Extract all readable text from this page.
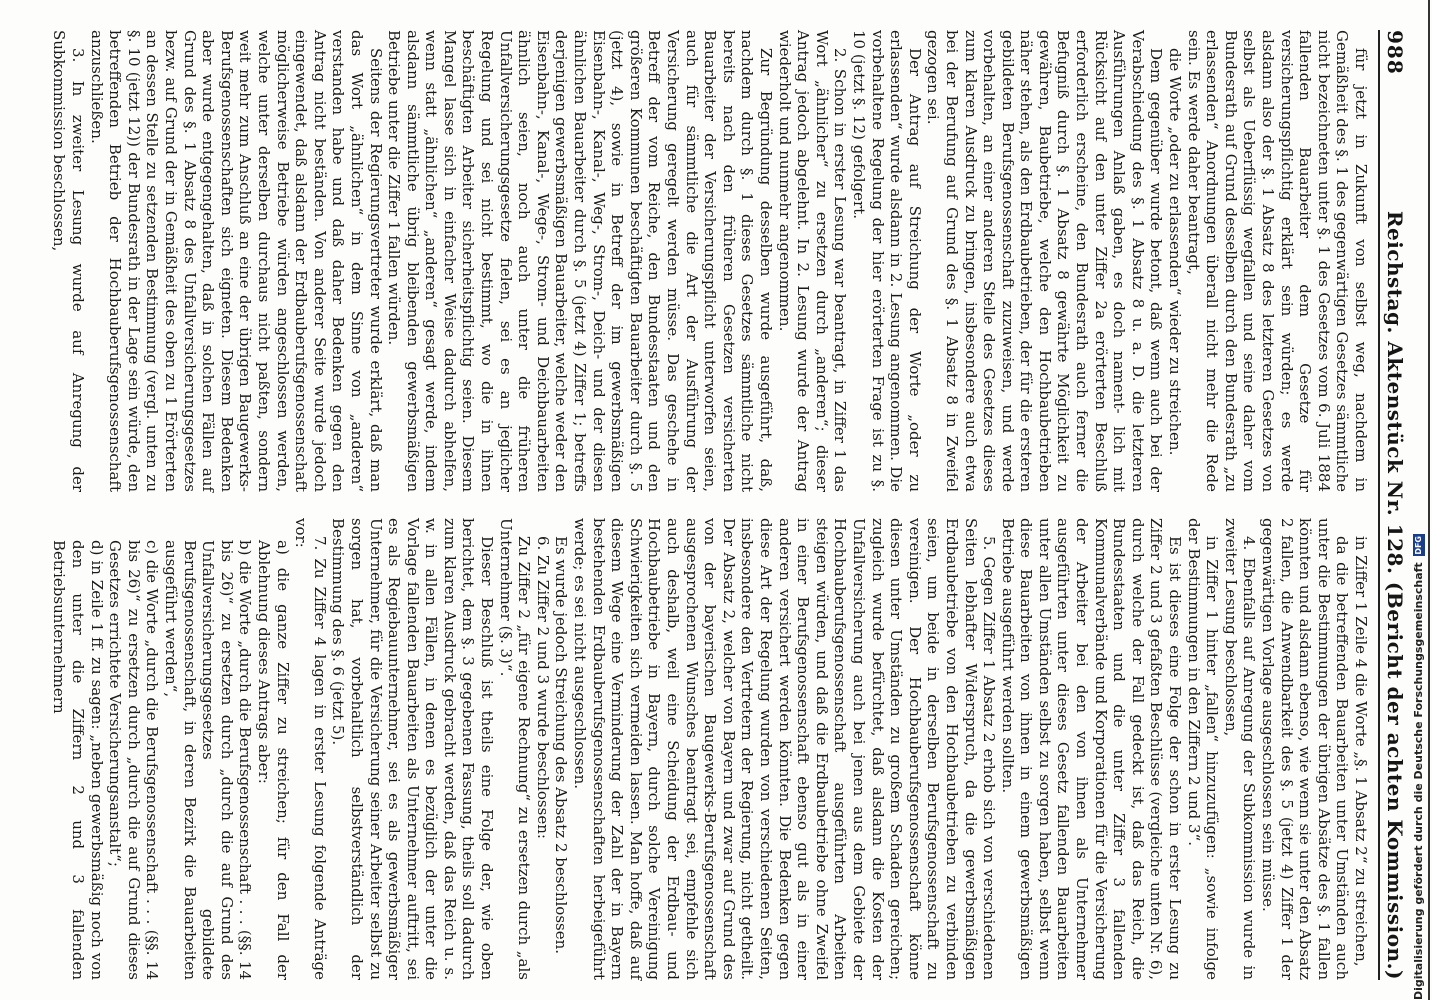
988
Reichstag. Aktenstück Nr. 128. (Bericht der achten Kommission.)

für jetzt in Zukunft von selbst weg, nachdem in Gemäßheit des §. 1 des gegenwärtigen Gesetzes sämmtliche nicht bezeichneten unter §. 1 des Gesetzes vom 6. Juli 1884 fallenden Bauarbeiter dem Gesetze für versicherungspflichtig erklärt sein würden; es werde alsdann also der §. 1 Absatz 8 des letzteren Gesetzes von selbst als Ueberflüssig wegfallen und seine daher vom Bundesrath auf Grund desselben durch den Bundesrath „zu erlassenden“ Anordnungen überall nicht mehr die Rede sein. Es werde daher beantragt,

die Worte „oder zu erlassenden“ wieder zu streichen.

Dem gegenüber wurde betont, daß wenn auch bei der Verabschiedung des §. 1 Absatz 8 u. a. D. die letzteren Ausführungen Anlaß gaben, es doch nament- lich mit Rücksicht auf den unter Ziffer 2a erörterten Beschluß erforderlich erscheine, den Bundesrath auch ferner die Befugniß durch §. 1 Absatz 8 gewährte Möglichkeit zu gewähren, Baubetriebe, welche den Hochbaubetrieben näher stehen, als den Erdbaubetrieben, der für die ersteren gebildeten Berufsgenossenschaft zuzuweisen, und werde vorbehalten, an einer anderen Stelle des Gesetzes dieses zum klaren Ausdruck zu bringen, insbesondere auch etwa bei der Berufung auf Grund des §. 1 Absatz 8 in Zweifel gezogen sei.

Der Antrag auf Streichung der Worte „oder zu erlassenden“ wurde alsdann in 2. Lesung angenommen. Die vorbehaltene Regelung der hier erörterten Frage ist zu §. 10 (jetzt §. 12) gefolgert.

2. Schon in erster Lesung war beantragt, in Ziffer 1 das Wort „ähnlicher“ zu ersetzen durch „anderen“; dieser Antrag jedoch abgelehnt. In 2. Lesung wurde der Antrag wiederholt und nunmehr angenommen.

Zur Begründung desselben wurde ausgeführt, daß, nachdem durch §. 1 dieses Gesetzes sämmtliche nicht bereits nach den früheren Gesetzen versicherten Bauarbeiter der Versicherungspflicht unterworfen seien, auch für sämmtliche die Art der Ausführung der Versicherung geregelt werden müsse. Das geschehe in Betreff der vom Reiche, den Bundesstaaten und den größeren Kommunen beschäftigten Bauarbeiter durch §. 5 (jetzt 4), sowie in Betreff der im gewerbsmäßigen Eisenbahn-, Kanal-, Weg-, Strom-, Deich- und der diesen ähnlichen Bauarbeiter durch §. 5 (jetzt 4) Ziffer 1; betreffs derjenigen gewerbsmäßigen Bauarbeiter, welche weder den Eisenbahn-, Kanal-, Wege-, Strom- und Deichbauarbeiten ähnlich seien, noch auch unter die früheren Unfallversicherungsgesetze fielen, sei es an jeglicher Regelung und sei nicht bestimmt, wo die in ihnen beschäftigten Arbeiter sicherheitspflichtig seien. Diesem Mangel lasse sich in einfacher Weise dadurch abhelfen, wenn statt „ähnlichen“ „anderen“ gesagt werde, indem alsdann sämmtliche übrig bleibenden gewerbsmäßigen Betriebe unter die Ziffer 1 fallen würden.

Seitens der Regierungsvertreter wurde erklärt, daß man das Wort „ähnlichen“ in dem Sinne von „anderen“ verstanden habe und daß daher Bedenken gegen den Antrag nicht beständen. Von anderer Seite wurde jedoch eingewendet, daß alsdann der Erdbauberufsgenossenschaft möglicherweise Betriebe würden angeschlossen werden, welche unter derselben durchaus nicht paßten, sondern weit mehr zum Anschluß an eine der übrigen Baugewerks-Berufsgenossenschaften sich eigneten. Diesem Bedenken aber wurde entgegengehalten, daß in solchen Fällen auf Grund des §. 1 Absatz 8 des Unfallversicherungsgesetzes bezw. auf Grund der in Gemäßheit des oben zu 1 Erörterten an dessen Stelle zu setzenden Bestimmung (vergl. unten zu §. 10 (jetzt 12)) der Bundesrath in der Lage sein würde, den betreffenden Betrieb der Hochbauberufsgenossenschaft anzuschließen.

3. In zweiter Lesung wurde auf Anregung der Subkommission beschlossen,

in Ziffer 1 Zeile 4 die Worte „§. 1 Absatz 2“ zu streichen,

da die betreffenden Bauarbeiten unter Umständen auch unter die Bestimmungen der übrigen Absätze des §. 1 fallen könnten und alsdann ebenso, wie wenn sie unter den Absatz 2 fallen, die Anwendbarkeit des §. 5 (jetzt 4) Ziffer 1 der gegenwärtigen Vorlage ausgeschlossen sein müsse.

4. Ebenfalls auf Anregung der Subkommission wurde in zweiter Lesung beschlossen,

in Ziffer 1 hinter „fallen“ hinzuzufügen: „sowie infolge der Bestimmungen in den Ziffern 2 und 3“.

Es ist dieses eine Folge der schon in erster Lesung zu Ziffer 2 und 3 gefaßten Beschlüsse (vergleiche unten Nr. 6), durch welche der Fall gedeckt ist, daß das Reich, die Bundesstaaten und die unter Ziffer 3 fallenden Kommunalverbände und Korporationen für die Versicherung der Arbeiter bei den von ihnen als Unternehmer ausgeführten unter dieses Gesetz fallenden Bauarbeiten unter allen Umständen selbst zu sorgen haben, selbst wenn diese Bauarbeiten von ihnen in einem gewerbsmäßigen Betriebe ausgeführt werden sollten.

5. Gegen Ziffer 1 Absatz 2 erhob sich von verschiedenen Seiten lebhafter Widerspruch, da die gewerbsmäßigen Erdbaubetriebe von den Hochbaubetrieben zu verbinden seien, um beide in derselben Berufsgenossenschaft zu vereinigen. Der Hochbauberufsgenossenschaft könne diesen unter Umständen zu großem Schaden gereichen; zugleich wurde befürchtet, daß alsdann die Kosten der Unfallversicherung auch bei jenen aus dem Gebiete der Hochbauberufsgenossenschaft ausgeführten Arbeiten steigen würden, und daß die Erdbaubetriebe ohne Zweifel in einer Berufsgenossenschaft ebenso gut als in einer anderen versichert werden könnten. Die Bedenken gegen diese Art der Regelung wurden von verschiedenen Seiten, insbesondere den Vertretern der Regierung, nicht getheilt. Der Absatz 2, welcher von Bayern und zwar auf Grund des von der bayerischen Baugewerks-Berufsgenossenschaft ausgesprochenen Wunsches beantragt sei, empfehle sich auch deshalb, weil eine Scheidung der Erdbau- und Hochbaubetriebe in Bayern, durch solche Vereinigung Schwierigkeiten sich vermeiden lassen. Man hoffe, daß auf diesem Wege eine Verminderung der Zahl der in Bayern bestehenden Erdbauberufsgenossenschaften herbeigeführt werde; es sei nicht ausgeschlossen.

Es wurde jedoch Streichung des Absatz 2 beschlossen.

6. Zu Ziffer 2 und 3 wurde beschlossen:

Zu Ziffer 2 „für eigene Rechnung“ zu ersetzen durch „als Unternehmer (§. 3)“.

Dieser Beschluß ist theils eine Folge der, wie oben berichtet, dem §. 3 gegebenen Fassung, theils soll dadurch zum klaren Ausdruck gebracht werden, daß das Reich u. s. w. in allen Fällen, in denen es bezüglich der unter die Vorlage fallenden Bauarbeiten als Unternehmer auftritt, sei es als Regiebauunternehmer, sei es als gewerbsmäßiger Unternehmer, für die Versicherung seiner Arbeiter selbst zu sorgen hat, vorbehaltlich selbstverständlich der Bestimmung des §. 6 (jetzt 5).

7. Zu Ziffer 4 lagen in erster Lesung folgende Anträge vor:

a) die ganze Ziffer zu streichen; für den Fall der Ablehnung dieses Antrags aber:

b) die Worte „durch die Berufsgenossenschaft . . . (§§. 14 bis 26)“ zu ersetzen durch „durch die auf Grund des Unfallversicherungsgesetzes gebildete Berufsgenossenschaft, in deren Bezirk die Bauarbeiten ausgeführt werden“,

c) die Worte „durch die Berufsgenossenschaft . . . (§§. 14 bis 26)“ zu ersetzen durch „durch die auf Grund dieses Gesetzes errichtete Versicherungsanstalt“;

d) in Zeile 1 ff. zu sagen: „neben gewerbsmäßig noch von den unter die Ziffern 2 und 3 fallenden Betriebsunternehmern	Digitalisierung gefördert durch die Deutsche Forschungsgemeinschaft
DFG
